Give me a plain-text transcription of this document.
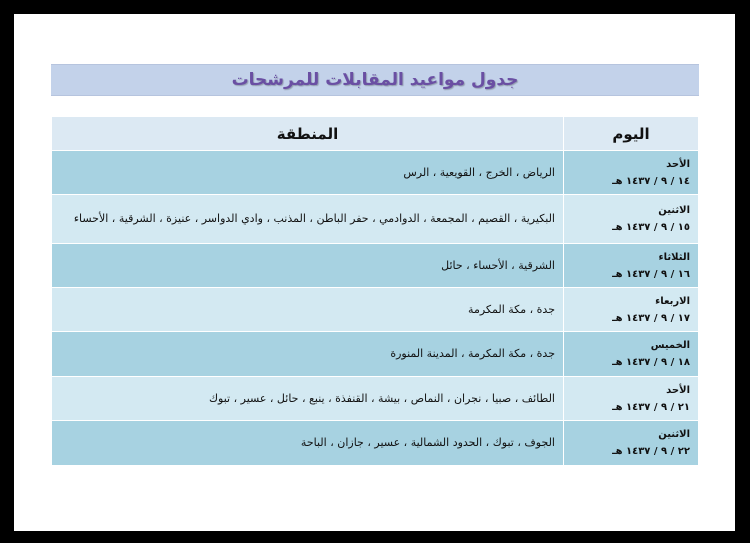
جدول مواعيد المقابلات للمرشحات
اليوم	المنطقة

الأحد
١٤ / ٩ / ١٤٣٧ هـ	الرياض ، الخرج ، القويعية ، الرس

الاثنين
١٥ / ٩ / ١٤٣٧ هـ	البكيرية ، القصيم ، المجمعة ، الدوادمي ، حفر الباطن ، المذنب ، وادي الدواسر ، عنيزة ، الشرقية ، الأحساء

الثلاثاء
١٦ / ٩ / ١٤٣٧ هـ	الشرقية ، الأحساء ، حائل

الاربعاء
١٧ / ٩ / ١٤٣٧ هـ	جدة ، مكة المكرمة

الخميس
١٨ / ٩ / ١٤٣٧ هـ	جدة ، مكة المكرمة ، المدينة المنورة

الأحد
٢١ / ٩ / ١٤٣٧ هـ	الطائف ، صبيا ، نجران ، النماص ، بيشة ، القنفذة ، ينبع ، حائل ، عسير ، تبوك

الاثنين
٢٢ / ٩ / ١٤٣٧ هـ	الجوف ، تبوك ، الحدود الشمالية ، عسير ، جازان ، الباحة
